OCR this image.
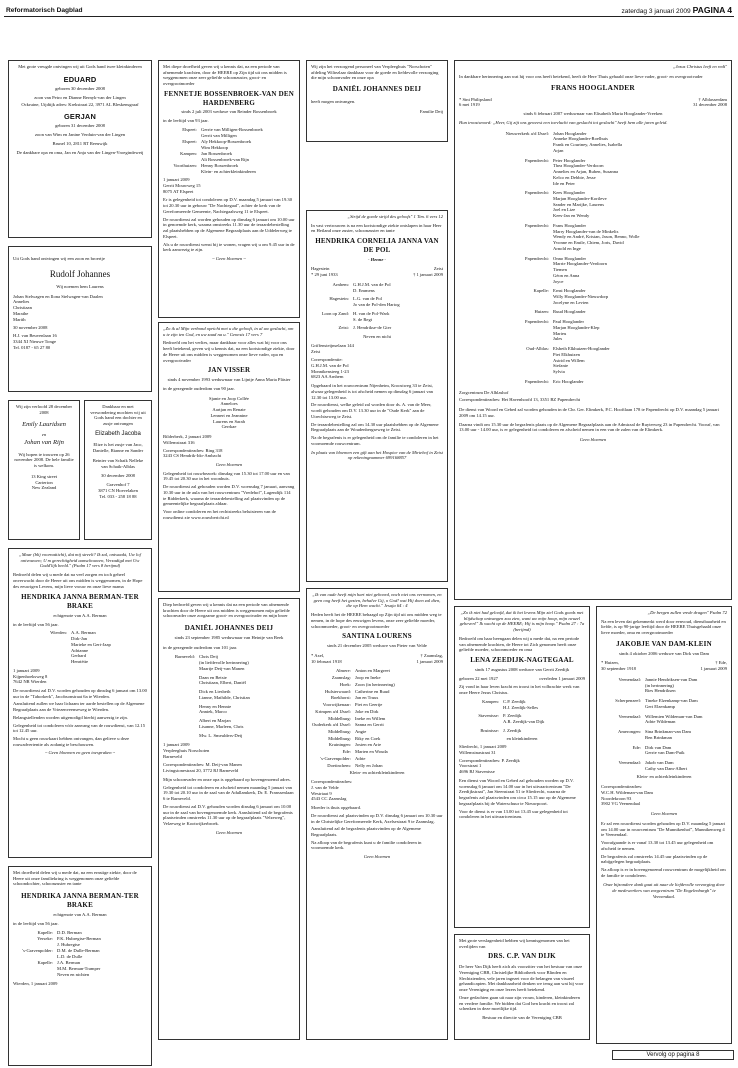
Reformatorisch Dagblad	zaterdag 3 januari 2009 PAGINA 4

Met grote vreugde ontvingen wij uit Gods hand twee kleinkinderen

EDUARD

geboren 30 december 2008

zoon van Petro en Dianne Bernyk-van der Lingen

Ockruine, Uijdtijk adres: Krekstraat 22, 3971 AL Bleskensgraaf

GERJAN

geboren 31 december 2008

zoon van Wim en Janine Verduin-van der Lingen

Brunel 10, 2811 RT Reeuwijk

De dankbare opa en oma, Jan en Anja van der Lingen-Vroegindeweij

Uit Gods hand ontvingen wij een zoon en broertje

Rudolf Johannes

Wij noemen hem Laurens

Johan Stelwagen en Ilona Stelwagen-van Daalen
Annelies
Christiaan
Marathe
Marith

30 november 2008

H.J. van Beuvenlaan 16
3344 XI Nieuwe Tonge
Tel. 0187 - 65 27 80

Wij zijn verloofd 28 december 2008

Emily Lauridsen

en

Johan van Rijn

Wij hopen te trouwen op 26 november 2008. De hele familie is welkom.

13 King street
Carterton
New Zealand

Dankbaar en met verwondering mochten wij uit Gods hand een dochter en zusje ontvangen

Elizabeth Jacoba

Elize is het zusje van Jaco, Danielle, Rianne en Sander

Beinier van Schaik Nelleke van Schaik-Alblas

30 december 2008

Gravenhof 7
3871 CN Hoevelaken
Tel. 033 - 258 18 88

„Maar (blij voornatticht), dat mij streelt? Ik zal, ontwaakt, Uw lof ontvouwen; U m gerechtigheid aanschouwen, Verzadigd met Uw Godd'lijk beeld." (Psalm 17 vers 8 berijmd)

Bedroefd delen wij u mede dat na veel zorgen en toch geheel onverwacht door de Heere uit ons midden is weggenomen, in de Hope des eeuwigen Levens, mijn lieve vrouw en onze lieve mama

HENDRIKA JANNA BERMAN-TER BRAKE

echtgenote van A.A. Berman

in de leeftijd van 56 jaar.

Wierden: A.A. Berman
Dirk-Jan
Marieke en Gert-Jaap
Adrianne
Gerhard
Henriëtte

1 januari 2009
Kijpenhoeksweg 8
7642 NR Wierden

De rouwdienst zal D.V. worden gehouden op dinsdag 6 januari om 13.00 uur in de "Taborkerk", Jacobsonstraat 6a te Wierden.

Aansluitend zullen we haar lichaam ter aarde bestellen op de Algemene Begraafplaats aan de Vriezenveenseweg te Wierden.

Belangstellenden worden uitgenodigd hierbij aanwezig te zijn.

Gelegenheid tot condoleren vóór aanvang van de rouwdienst, van 12.15 tot 12.45 uur.

Mocht u geen rouwkaart hebben ontvangen, dan gelieve u deze rouwadvertentie als zodanig te beschouwen.

~ Geen bloemen en geen toespraken ~

Met droefheid delen wij u mede dat, na een ernstige ziekte, door de Heere uit onze familiekring is weggenomen onze geliefde schoondochter, schoonzuster en tante

HENDRIKA JANNA BERMAN-TER BRAKE

echtgenote van A.A. Berman

in de leeftijd van 56 jaar.

Kapelle: D.D. Berman
Yerseke: P.K. Hubregtse-Berman
J. Hubregtse
's-Gravenpolder: D.M. de Dulle-Berman
L.D. de Dulle
Kapelle: J.A. Berman
M.M. Berman-Tramper
Neven en nichten

Wierden, 1 januari 2009

Met diepe droefheid geven wij u kennis dat, na een periode van afnemende krachten, door de HEERE op Zijn tijd uit ons midden is weggenomen onze zeer geliefde schoonzuster, groot- en overgrootmoeder

FENNETJE BOSSENBROEK-VAN DEN HARDENBERG

sinds 2 juli 2003 weduwe van Reinder Bossenbroek

in de leeftijd van 93 jaar.

Elspeet: Gerrie van Milligen-Bossenbroek
Gerrit van Milligen
Elspeet: Aly Hekkoop-Bossenbroek
Wim Hekkoop
Kampen: Jan Bossenbroek
Ali Bossenbroek-van Rijn
Voorthuizen: Henny Bossenbroek
Klein- en achterkleinkinderen

1 januari 2009
Gerrit Mouwweg 15
8075 AT Elspeet

Er is gelegenheid tot condoleren op D.V. maandag 5 januari van 19.30 tot 20.30 uur in gebouw "De Nachtegaal", achter de kerk van de Gereformeerde Gemeente, Nachtegaalsweg 11 te Elspeet.

De rouwdienst zal worden gehouden op dinsdag 6 januari om 10.00 uur in genoemde kerk, waarna omstreeks 11.30 uur de teraardebestelling zal plaatshebben op de Algemene Begraafplaats aan de Uddelerweg te Elspeet.

Als u de rouwdienst wenst bij te wonen, vragen wij u om 9.45 uur in de kerk aanwezig te zijn.

~ Geen bloemen ~

„Zo ik al Mijn verbond opricht met u die gelooft, in al uw geslacht, om u te zijn ten God, en uw zaad na u." Genesis 17 vers 7

Bedroefd om het verlies, maar dankbaar voor alles wat hij voor ons heeft betekend, geven wij u kennis dat, na een kortstondige ziekte, door de Heere uit ons midden is weggenomen onze lieve vader, opa en overgrootvader

JAN VISSER

sinds 4 november 1993 weduwnaar van Lijntje Anna Maria Pläsier

in de gezegende ouderdom van 90 jaar.

Sjanie en Joop Collée
Anneloes
Aartjan en Renate
Lennert en Jeannine
Laurens en Sarah
Gerrkae

Bilderberk, 2 januari 2009
Willemstraat 316

Correspondentieadres: Ring 318
3243 CS Hendrik-Ido-Ambacht

Geen bloemen

Gelegenheid tot rouwbezoek: dinsdag van 15.30 tot 17.00 uur en van 19.45 tot 20.30 uur in het woonhuis.

De rouwdienst zal gehouden worden D.V. woensdag 7 januari, aanvang 10.30 uur in de aula van het rouwcentrum "Vredehof", Lagendijk 114 te Ridderkerk, waarna de teraardebestelling zal plaatsvinden op de gemeentelijke begraafplaats aldaar.

Voor online condoleren en het rechtstreeks beluisteren van de rouwdienst zie www.rouwbericht.nl

Diep bedroefd geven wij u kennis dat na een periode van afnemende krachten door de Heere uit ons midden is weggenomen mijn geliefde schoonvader onze zorgzame groot- en overgrootvader en mijn broer

DANIËL JOHANNES DEIJ

sinds 23 september 1985 weduwnaar van Heintje van Beek

in de gezegende ouderdom van 101 jaar.

Barneveld: Chris Deij
(in liefdevolle herinnering)
Maartje Deij-van Manen
Daan en Betsie
Christiaan, Elbert, Daniël
Dick en Liesbeth
Lianne, Mathilde, Christian
Henny en Hennie
Anniek, Marco
Albert en Marjan
Lisanne, Marleen, Chris
Mw. L. Smeulders-Deij

1 januari 2009
Verpleeghuis Norschoten
Barneveld

Correspondentieadres: M. Deij-van Manen
Livingstonestraat 20, 3772 RJ Barneveld

Mijn schoonvader en onze opa is opgebaard op bovengenoemd adres.

Gelegenheid tot condoleren en afscheid nemen maandag 5 januari van 19.30 tot 20.10 uur in de zaal van de Adullamkerk, Dr. E. Franssenlaan 6 te Barneveld.

De rouwdienst zal D.V. gehouden worden dinsdag 6 januari om 10.00 uur in de zaal van bovengenoemde kerk. Aansluitend zal de begrafenis plaatsvinden omstreeks 11.30 uur op de begraafplaats "Velzeweg", Velzeweg te Kootwijkerbroek.

Geen bloemen

Wij zijn het verzorgend personeel van Verpleeghuis "Norschoten" afdeling Wiltezlaar dankbaar voor de goede en liefdevolle verzorging die mijn schoonvader en onze opa

DANIËL JOHANNES DEIJ

heeft mogen ontvangen.

Familie Deij

„Strijd de goede strijd des geloofs" 1 Tim. 6 vers 12

In vast vertrouwen is na een kortstondige ziekte ontslapen in haar Heer en Heiland onze zuster, schoonzuster en tante

HENDRIKA CORNELIA JANNA VAN DE POL

- Henne -

Hagestein
* 29 juni 1933
Zeist
† 1 januari 2009
Arnhem: G.H.J.M. van de Pol
D. Emmens
Hagestein: L.G. van de Pol
Jo van de Pol-den Hartog
Loon op Zand: H. van de Pol-Wark
S. de Regt
Zeist: J. Hendrikse-de Gier

Neven en nicht

Griffensteijnselaan 144
Zeist

Correspondentie:
G.H.J.M. van de Pol
Monnikensteeg 1-23
6823 AA Arnhem

Opgebaard in het rouwcentrum Nijenheim, Kroostweg 33 te Zeist, alwaar gelegenheid is tot afscheid nemen op dinsdag 6 januari van 12.30 tot 13.00 uur.

De rouwdienst, welke geleid zal worden door ds. A. van de Meer, wordt gehouden om D.V. 13.30 uur in de "Oude Kerk" aan de Utrechtseweg te Zeist.

De teraardebestelling zal om 14.30 uur plaatshebben op de Algemene Begraafplaats aan de Woudenbergseweg te Zeist.

Na de begrafenis is er gelegenheid om de familie te condoleren in het voornoemde rouwcentrum.

In plaats van bloemen een gift aan het Hospice van de Mirtehof in Zeist op rekeningnummer 699168857

„Ik van oude heeft mijn hart niet gehoord, noch niet ons vernomen, en geen oog heeft het gezien, behalve Gij, o God! wat Hij doen zal dien, die op Hem wacht." Jesaja 64 : 4

Heden heeft het de HEERE behaagd op Zijn tijd uit ons midden weg te nemen, in de hope des eeuwigen levens, onze zeer geliefde moeder, schoonmoeder, groot- en overgrootmoeder

SANTINA LOURENS

sinds 21 december 2005 weduwe van Pieter van Velde

* Axel,
10 februari 1918
† Zaamslag,
1 januari 2009
Almere: Anton en Margreet
Zaamslag: Joop en Ineke
Hoek: Zoon (in herinnering)
Hulsterwaard: Catherine en Ruud
Boekhorst: Jan en Truus
Voorwijkenaar: Piet en Geertje
Krimpen a/d IJssel: Joke en Dirk
Middelburg: Ineke en Willem
Ouderkerk a/d IJssel: Sanna en Gerrit
Middelburg: Angie
Middelburg: Riky en Coek
Kruiningen: Josien en Arie
Ede: Marten en Wouda
's-Gravenpolder: Adrie
Doetinchem: Nelly en Johan

Klein- en achterkleinkinderen

Correspondentieadres:
J. van de Velde
Westrtaat 9
4543 CC Zaamslag

Moeder is thuis opgebaard.

De rouwdienst zal plaatsvinden op D.V. dinsdag 6 januari om 10.30 uur in de Christelijke Gereformeerde Kerk, Axelsestraat 9 te Zaamslag.

Aansluitend zal de begrafenis plaatsvinden op de Algemene Begraafplaats.

Na afloop van de begrafenis kunt u de familie condoleren in voornoemde kerk.

Geen bloemen

„Jezus Christus leeft en redt"

In dankbare herinnering aan wat hij voor ons heeft betekend, heeft de Here Thuis gehaald onze lieve vader, groot- en overgrootvader

FRANS HOOGLANDER

* Sint Philipsland
6 mei 1919
† Alblasserdam
31 december 2008

sinds 6 februari 2007 weduwnaar van Elisabeth Maria Hooglander-Vreeken

Hun troostwoord: „Heer, Gij zijt ons geweest een toevlucht van geslacht tot geslacht" heeft hem alle jaren geleid.

Nieuwerkerk a/d IJssel: Johan Hooglander
Anneke Hooglander-Roelhuis
Frank en Courtney, Annelies, Isabella
Arjan
Papendrecht: Peter Hooglander
Thea Hooglander-Verdoorn
Annelies en Arjan, Ruben, Susanna
Kelco en Debbie, Jesse
Ide en Peter
Papendrecht: Kees Hooglander
Marjan Hooglander-Kortleve
Sander en Marijke, Laurens
Joel en Lize
Kees-Jan en Wendy
Papendrecht: Frans Hooglander
Marry Hooglander-van de Minkelis
Wendy en André, Kristan, Jason, Benno, Wolle
Yvonne en Emile, Chiem, Joris, David
Arnold en Inge
Papendrecht: Onno Hooglander
Marrie Hooglander-Verdoorn
Tiemen
Géon en Anna
Joyce
Kapelle: Ernst Hooglander
Willy Hooglander-Nieuwdorp
Jocelyne en Levien
Huizen: Ruud Hooglander
Papendrecht: Paul Hooglander
Marjan Hooglander-Klep
Marieu
Jules
Oud-Alblas: Elsbeth Elkhuizen-Hooglander
Piet Elkhuizen
Astrid en Willem
Stefanie
Sylvia
Papendrecht: Eric Hooglander

Zorgcentrum De Alblashof

Correspondentieadres: Het Havenhoofd 13, 3351 BZ Papendrecht

De dienst van Woord en Gebed zal worden gehouden in de Chr. Ger. Elimkerk, P.C. Hooftlaan 178 te Papendrecht op D.V. maandag 5 januari 2009 om 14.15 uur.

Daarna vindt om 15.30 uur de begrafenis plaats op de Algemene Begraafplaats aan de Admiraal de Ruyterweg 23 in Papendrecht. Vooraf, van 13.00 uur - 14.00 uur, is er gelegenheid tot condoleren en afscheid nemen in een van de zalen van de Elimkerk.

Geen bloemen

„Zo ik niet had geloofd, dat ik het levens Mijn ziel Gods goeds met blijdschap ontvangen zou zien, want uw mijn hoop, mijn neuzel geheven!" Ik wacht op de HEERE; Hij is mijn hoop." Psalm 27 : 7a (berijmd)

Bedroefd om haar heengaan delen wij u mede dat, na een periode van afnemende krachten, de Heere tot Zich genomen heeft onze geliefde moeder, schoonmoeder en oma

LENA ZEEDIJK-NAGTEGAAL

sinds 17 augustus 2008 weduwe van Gerrit Zeedijk

geboren 22 mei 1927	overleden 1 januari 2009

Zij vond in haar leven kracht en troost in het volbrachte werk van onze Heere Jezus Christus.

Kampen: C.P. Zeedijk
H.J. Zeedijk-Selles
Stavenisse: P. Zeedijk
A.R. Zeedijk-van Dijk
Bruinisse: J. Zeedijk

en kleinkinderen

Sliedrecht, 1 januari 2009
Willemsinastraat 31

Correspondentieadres: P. Zeedijk
Voorstraat 1
4696 BJ Stavenisse

Een dienst van Woord en Gebed zal gehouden worden op D.V. woensdag 6 januari om 14.00 uur in het uitvaartcentrum "De Zeedijkstraat", Jan Steenstraat 51 te Sliedrecht, waarna de begrafenis zal plaatsvinden om circa 15.15 uur op de Algemene begraafplaats bij de Waterschuur te Nieuwpoort.

Voor de dienst is er van 13.00 tot 13.45 uur gelegenheid tot condoleren in het uitvaartcentrum.

Met grote verslagenheid hebben wij kennisgenomen van het overlijden van

DRS. C.P. VAN DIJK

De heer Van Dijk heeft zich als voorzitter van het bestuur van onze Vereniging CBB, Christelijke Bibliotheek voor Blinden en Slechtzienden, vele jaren ingezet voor de belangen van visueel gehandicapten. Met dankbaarheid denken we terug aan wat hij voor onze Vereniging en onze lezers heeft betekend.

Onze gedachten gaan uit naar zijn vrouw, kinderen, kleinkinderen en verdere familie. We bidden dat God hen kracht en troost zal schenken in deze moeilijke tijd.

Bestuur en directie van de Vereniging CBB

„De bergen zullen vrede dragen" Psalm 72

Na een leven dat gekenmerkt werd door eenvoud, dienstbaarheid en liefde, is op 90-jarige leeftijd door de HEERE Thuisgehaald onze lieve moeder, oma en overgrootmoeder

JAKOBJE VAN DAM-KLEIN

sinds 4 oktober 2006 weduwe van Dirk van Dam

* Huizen,
30 september 1918
† Ede,
1 januari 2009
Veenendaal: Jannie Hendriksen-van Dam
(in herinnering)
Ries Hendriksen
Scherpenzeel: Tineke Elzenkamp-van Dam
Gert Elzenkamp
Veenendaal: Willemien Wildeman-van Dam
Adrie Wildeman
Amerongen: Sina Brinkman-van Dam
Ben Brinkman
Ede: Dirk van Dam
Gerrie van Dam-Puik
Veenendaal: Jakob van Dam
Cathy van Dam-Albert

Klein- en achterkleinkinderen

Correspondentieadres:
W.C.H. Wildeman-van Dam
Noordekroon 93
3902 VG Veenendaal

Geen bloemen

Er zal een rouwdienst worden gehouden op D.V. maandag 5 januari om 14.00 uur in rouwcentrum "De Munnikenhof", Munnikenweg 4 te Veenendaal.

Voorafgaande is er vanaf 13.30 tot 13.45 uur gelegenheid om afscheid te nemen.

De begrafenis zal omstreeks 14.45 uur plaatsvinden op de nabijgelegen begraafplaats.

Na afloop is er in bovengenoemd rouwcentrum de mogelijkheid om de familie te condoleren.

Onze bijzondere dank gaat uit naar de liefdevolle verzorging door de medewerkers van zorgcentrum "De Engelenburgh" te Veenendaal.

Vervolg op pagina 8
